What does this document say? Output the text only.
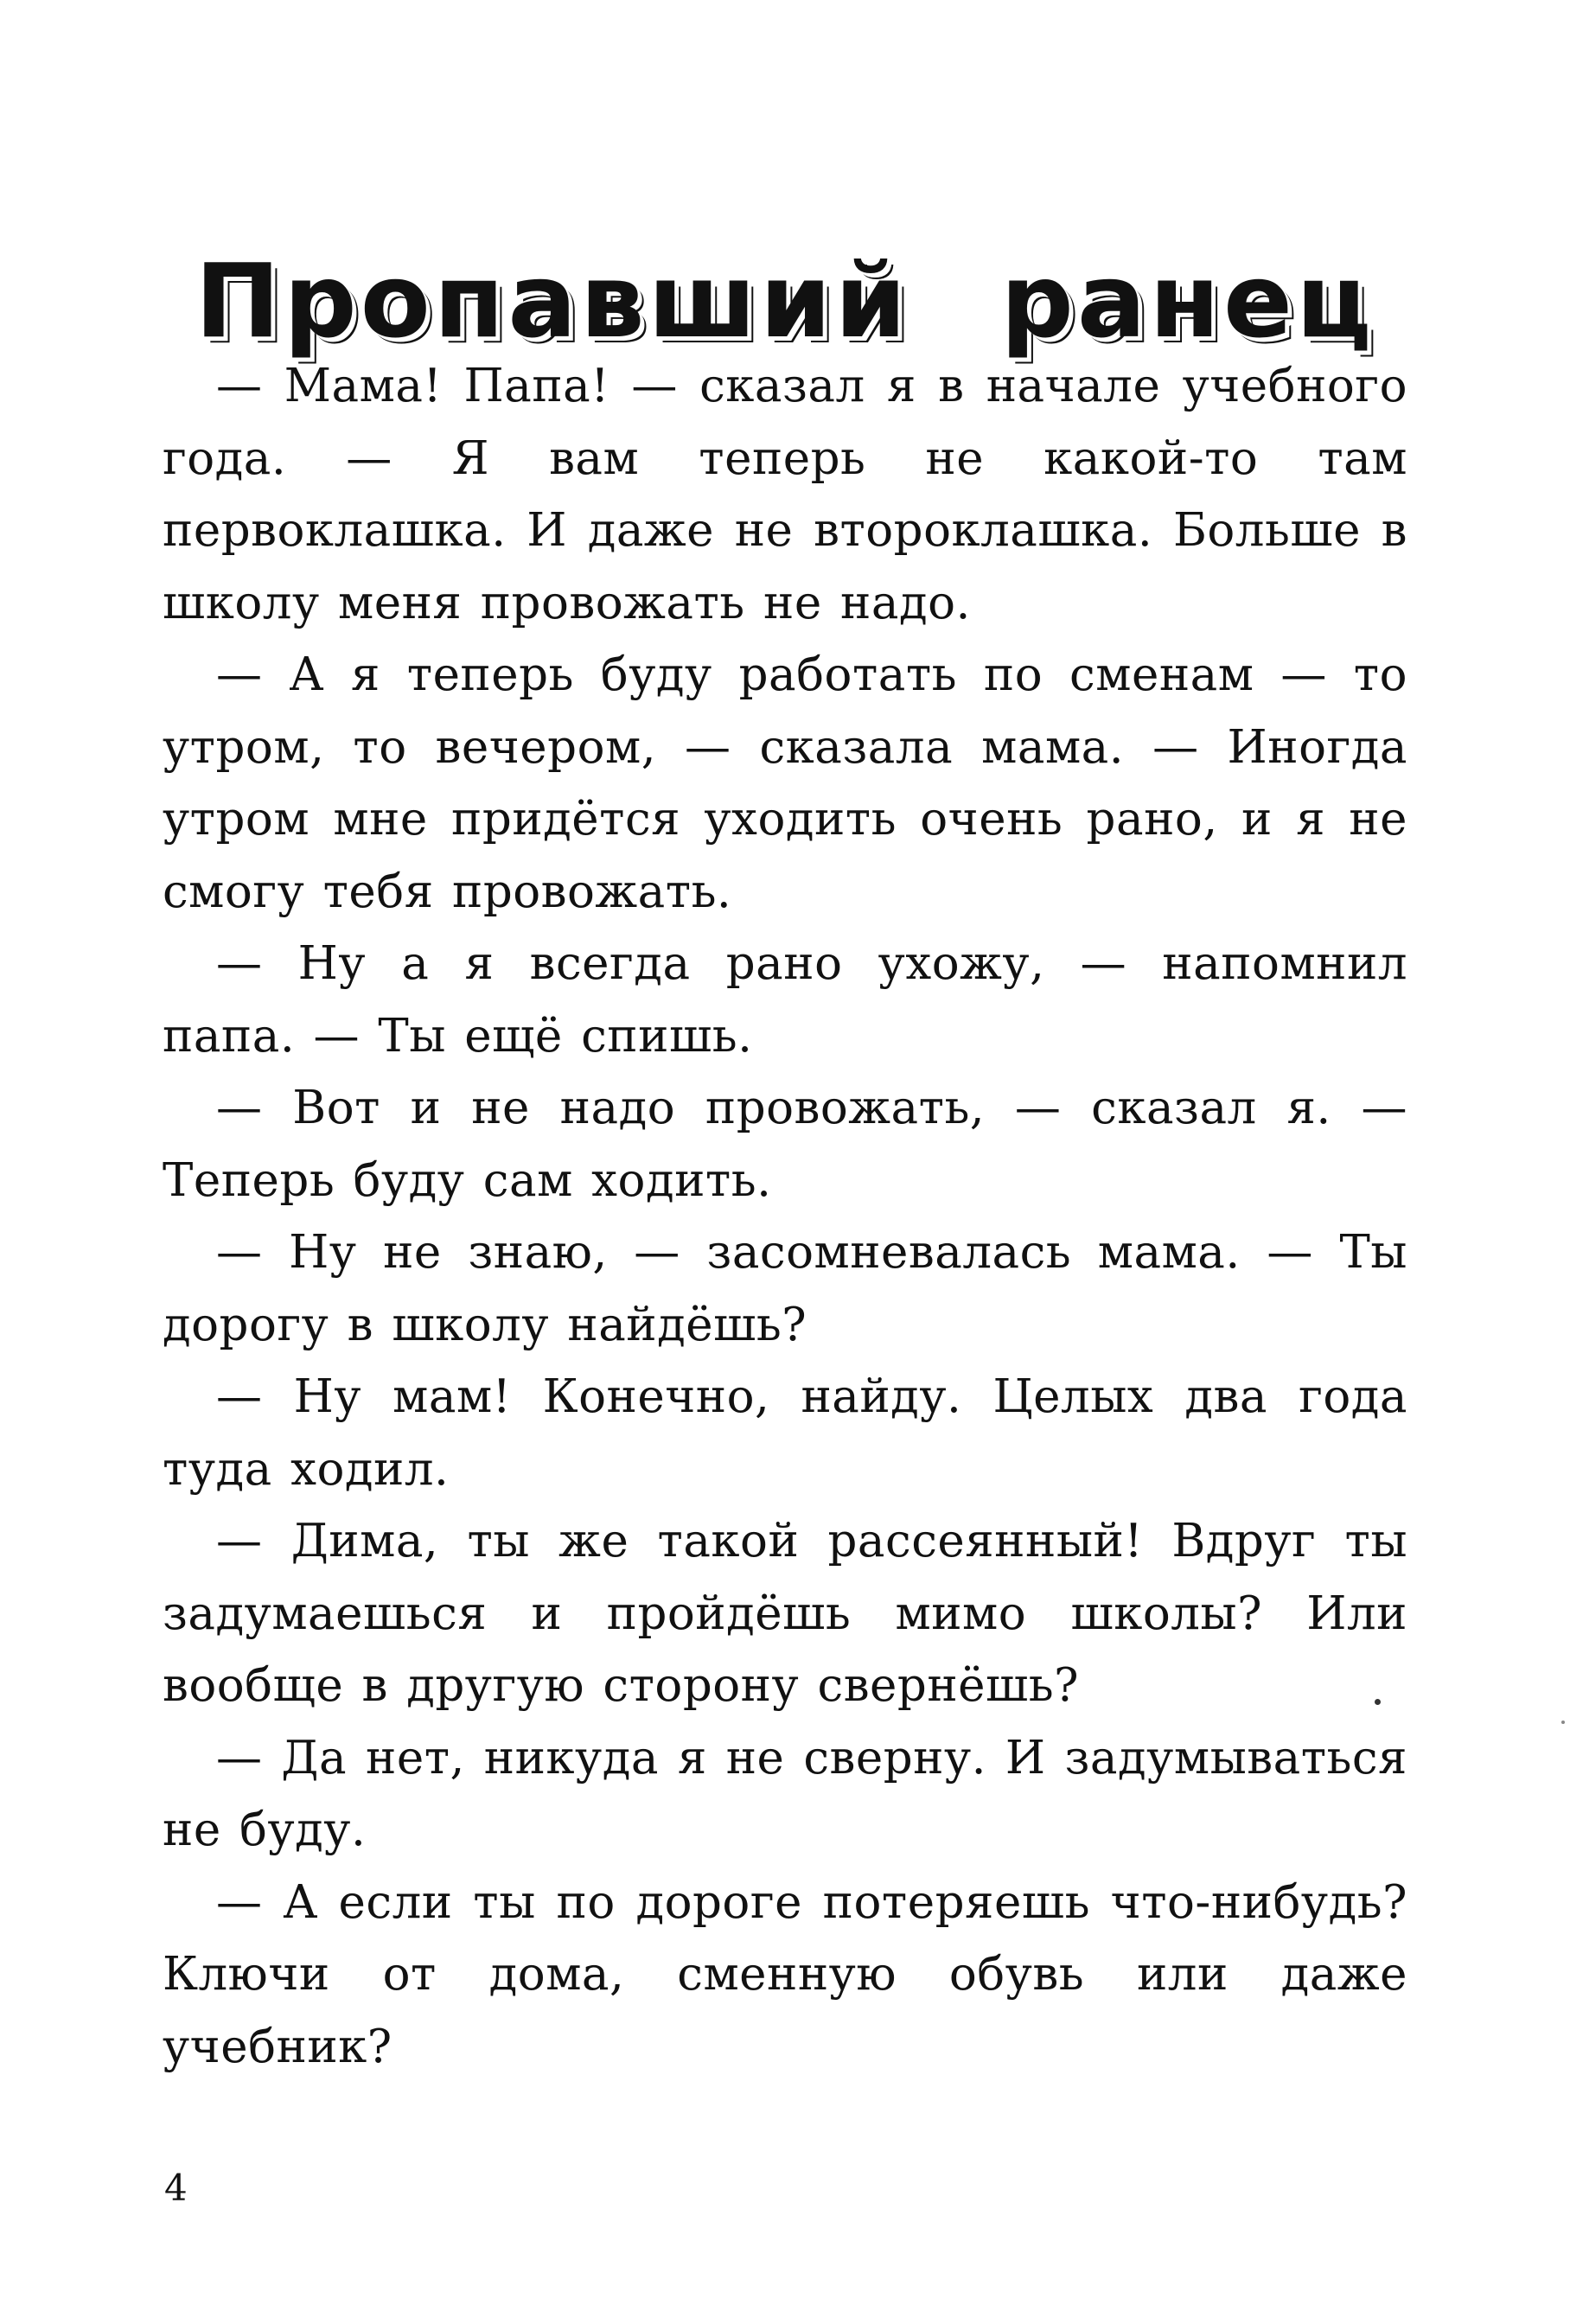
Пропавший ранец

— Мама! Папа! — сказал я в начале учебного года. — Я вам теперь не какой-то там первоклашка. И даже не второклашка. Больше в школу меня провожать не надо.

— А я теперь буду работать по сменам — то утром, то вечером, — сказала мама. — Иногда утром мне придётся уходить очень рано, и я не смогу тебя провожать.

— Ну а я всегда рано ухожу, — напомнил папа. — Ты ещё спишь.

— Вот и не надо провожать, — сказал я. — Теперь буду сам ходить.

— Ну не знаю, — засомневалась мама. — Ты дорогу в школу найдёшь?

— Ну мам! Конечно, найду. Целых два года туда ходил.

— Дима, ты же такой рассеянный! Вдруг ты задумаешься и пройдёшь мимо школы? Или вообще в другую сторону свернёшь?

— Да нет, никуда я не сверну. И задумываться не буду.

— А если ты по дороге потеряешь что-нибудь? Ключи от дома, сменную обувь или даже учебник?

4
